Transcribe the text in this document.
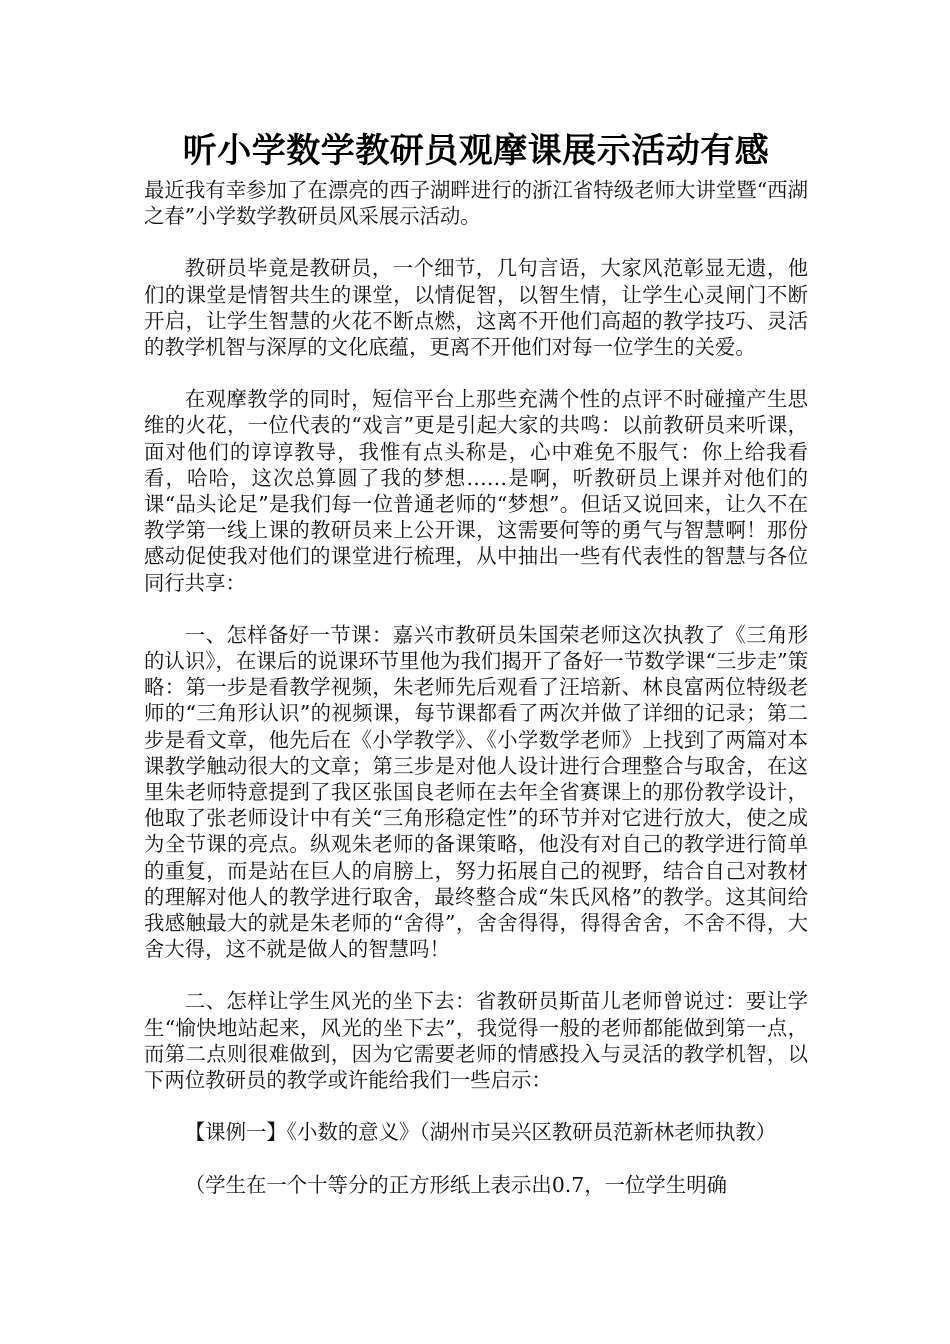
听小学数学教研员观摩课展示活动有感

最近我有幸参加了在漂亮的西子湖畔进行的浙江省特级老师大讲堂暨“西湖之春”小学数学教研员风采展示活动。

教研员毕竟是教研员，一个细节，几句言语，大家风范彰显无遗，他们的课堂是情智共生的课堂，以情促智，以智生情，让学生心灵闸门不断开启，让学生智慧的火花不断点燃，这离不开他们高超的教学技巧、灵活的教学机智与深厚的文化底蕴，更离不开他们对每一位学生的关爱。

在观摩教学的同时，短信平台上那些充满个性的点评不时碰撞产生思维的火花，一位代表的“戏言”更是引起大家的共鸣：以前教研员来听课，面对他们的谆谆教导，我惟有点头称是，心中难免不服气：你上给我看看，哈哈，这次总算圆了我的梦想……是啊，听教研员上课并对他们的课“品头论足”是我们每一位普通老师的“梦想”。但话又说回来，让久不在教学第一线上课的教研员来上公开课，这需要何等的勇气与智慧啊！那份感动促使我对他们的课堂进行梳理，从中抽出一些有代表性的智慧与各位同行共享：

一、怎样备好一节课：嘉兴市教研员朱国荣老师这次执教了《三角形的认识》，在课后的说课环节里他为我们揭开了备好一节数学课“三步走”策略：第一步是看教学视频，朱老师先后观看了汪培新、林良富两位特级老师的“三角形认识”的视频课，每节课都看了两次并做了详细的记录；第二步是看文章，他先后在《小学教学》、《小学数学老师》上找到了两篇对本课教学触动很大的文章；第三步是对他人设计进行合理整合与取舍，在这里朱老师特意提到了我区张国良老师在去年全省赛课上的那份教学设计，他取了张老师设计中有关“三角形稳定性”的环节并对它进行放大，使之成为全节课的亮点。纵观朱老师的备课策略，他没有对自己的教学进行简单的重复，而是站在巨人的肩膀上，努力拓展自己的视野，结合自己对教材的理解对他人的教学进行取舍，最终整合成“朱氏风格”的教学。这其间给我感触最大的就是朱老师的“舍得”，舍舍得得，得得舍舍，不舍不得，大舍大得，这不就是做人的智慧吗！

二、怎样让学生风光的坐下去：省教研员斯苗儿老师曾说过：要让学生“愉快地站起来，风光的坐下去”，我觉得一般的老师都能做到第一点，而第二点则很难做到，因为它需要老师的情感投入与灵活的教学机智，以下两位教研员的教学或许能给我们一些启示：

【课例一】《小数的意义》（湖州市吴兴区教研员范新林老师执教）

（学生在一个十等分的正方形纸上表示出0.7，一位学生明确
